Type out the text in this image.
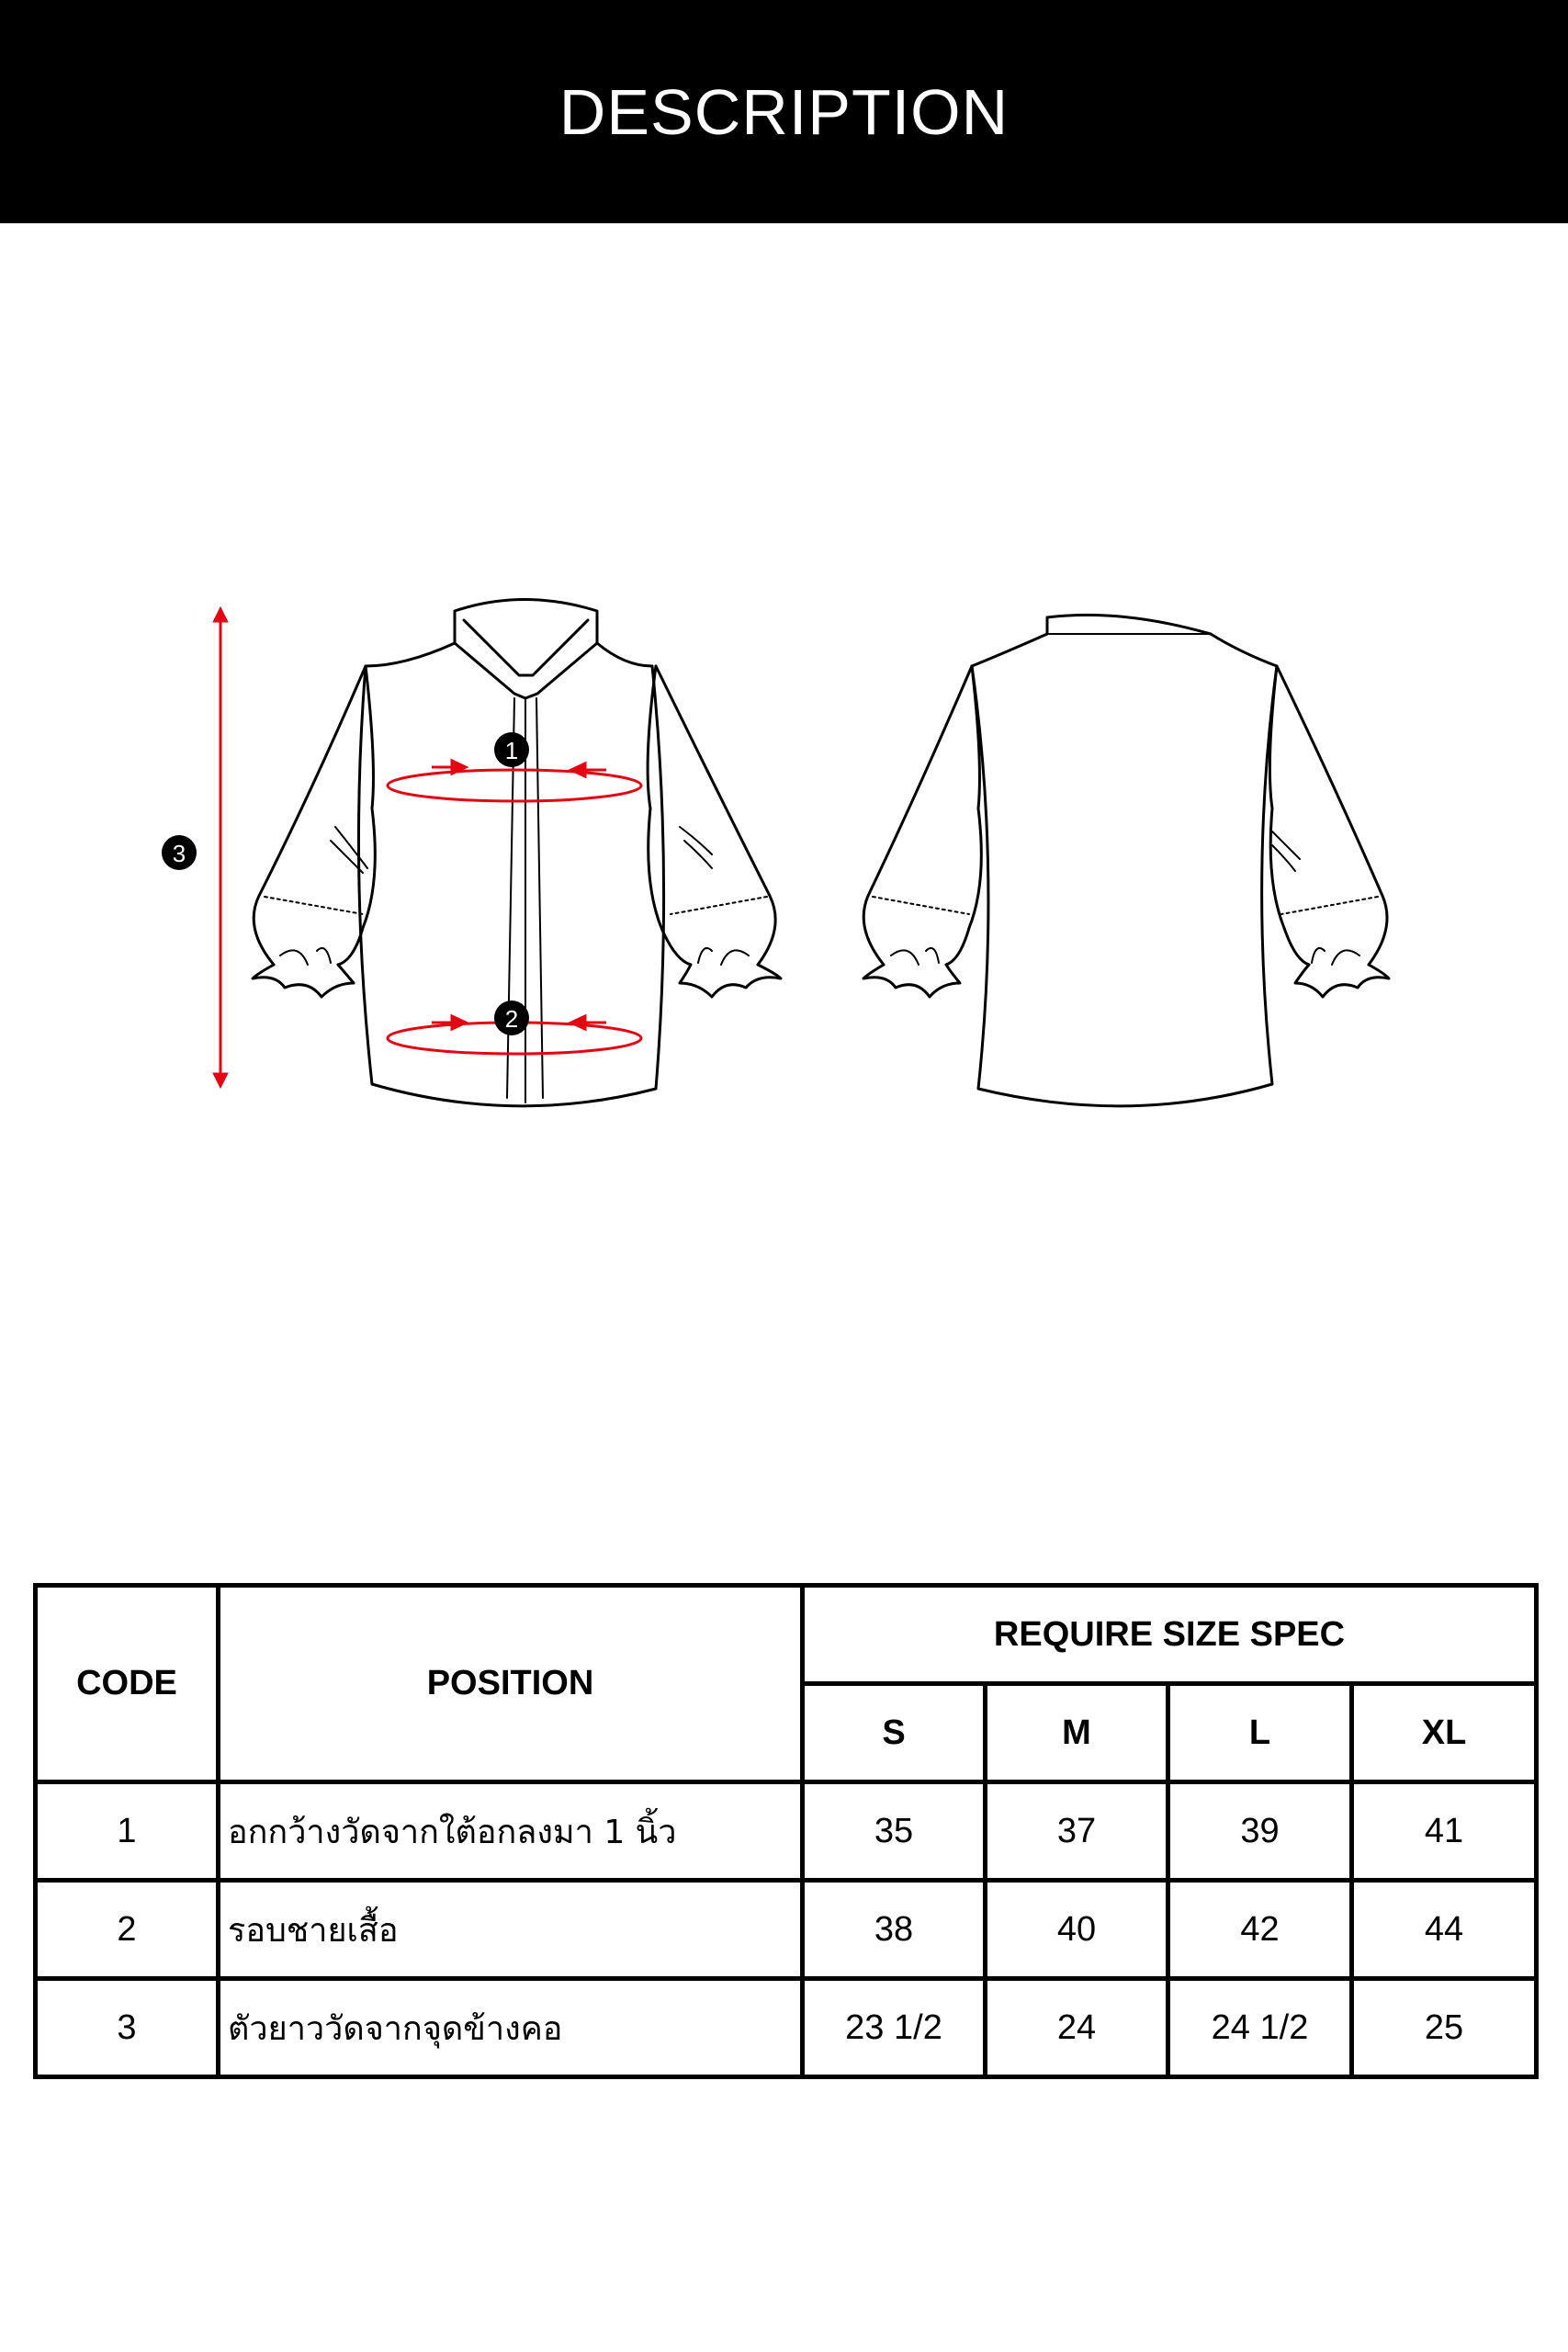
DESCRIPTION
1
2
3
CODE	POSITION	REQUIRE SIZE SPEC			
		S	M	L	XL
1	อกกว้างวัดจากใต้อกลงมา 1 นิ้ว	35	37	39	41
2	รอบชายเสื้อ	38	40	42	44
3	ตัวยาววัดจากจุดข้างคอ	23 1/2	24	24 1/2	25
